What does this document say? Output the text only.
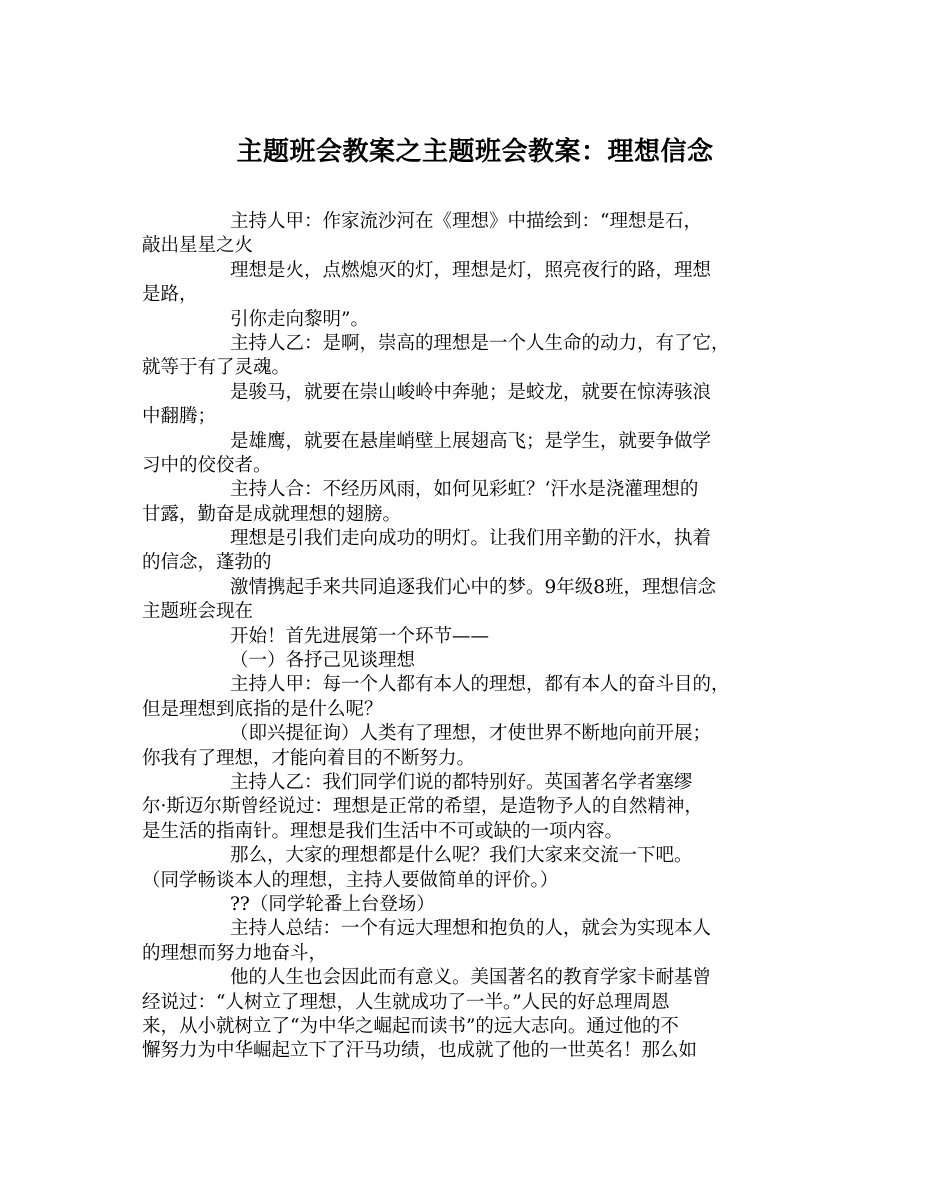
主题班会教案之主题班会教案：理想信念
主持人甲：作家流沙河在《理想》中描绘到：“理想是石，
敲出星星之火
理想是火，点燃熄灭的灯，理想是灯，照亮夜行的路，理想
是路，
引你走向黎明”。
主持人乙：是啊，崇高的理想是一个人生命的动力，有了它，
就等于有了灵魂。
是骏马，就要在崇山峻岭中奔驰；是蛟龙，就要在惊涛骇浪
中翻腾；
是雄鹰，就要在悬崖峭壁上展翅高飞；是学生，就要争做学
习中的佼佼者。
主持人合：不经历风雨，如何见彩虹？‘汗水是浇灌理想的
甘露，勤奋是成就理想的翅膀。
理想是引我们走向成功的明灯。让我们用辛勤的汗水，执着
的信念，蓬勃的
激情携起手来共同追逐我们心中的梦。9年级8班，理想信念
主题班会现在
开始！首先进展第一个环节——
（一）各抒己见谈理想
主持人甲：每一个人都有本人的理想，都有本人的奋斗目的，
但是理想到底指的是什么呢？
（即兴提征询）人类有了理想，才使世界不断地向前开展；
你我有了理想，才能向着目的不断努力。
主持人乙：我们同学们说的都特别好。英国著名学者塞缪
尔·斯迈尔斯曾经说过：理想是正常的希望，是造物予人的自然精神，
是生活的指南针。理想是我们生活中不可或缺的一项内容。
那么，大家的理想都是什么呢？我们大家来交流一下吧。
（同学畅谈本人的理想，主持人要做简单的评价。）
??（同学轮番上台登场）
主持人总结：一个有远大理想和抱负的人，就会为实现本人
的理想而努力地奋斗，
他的人生也会因此而有意义。美国著名的教育学家卡耐基曾
经说过：“人树立了理想，人生就成功了一半。”人民的好总理周恩
来，从小就树立了“为中华之崛起而读书”的远大志向。通过他的不
懈努力为中华崛起立下了汗马功绩，也成就了他的一世英名！那么如
